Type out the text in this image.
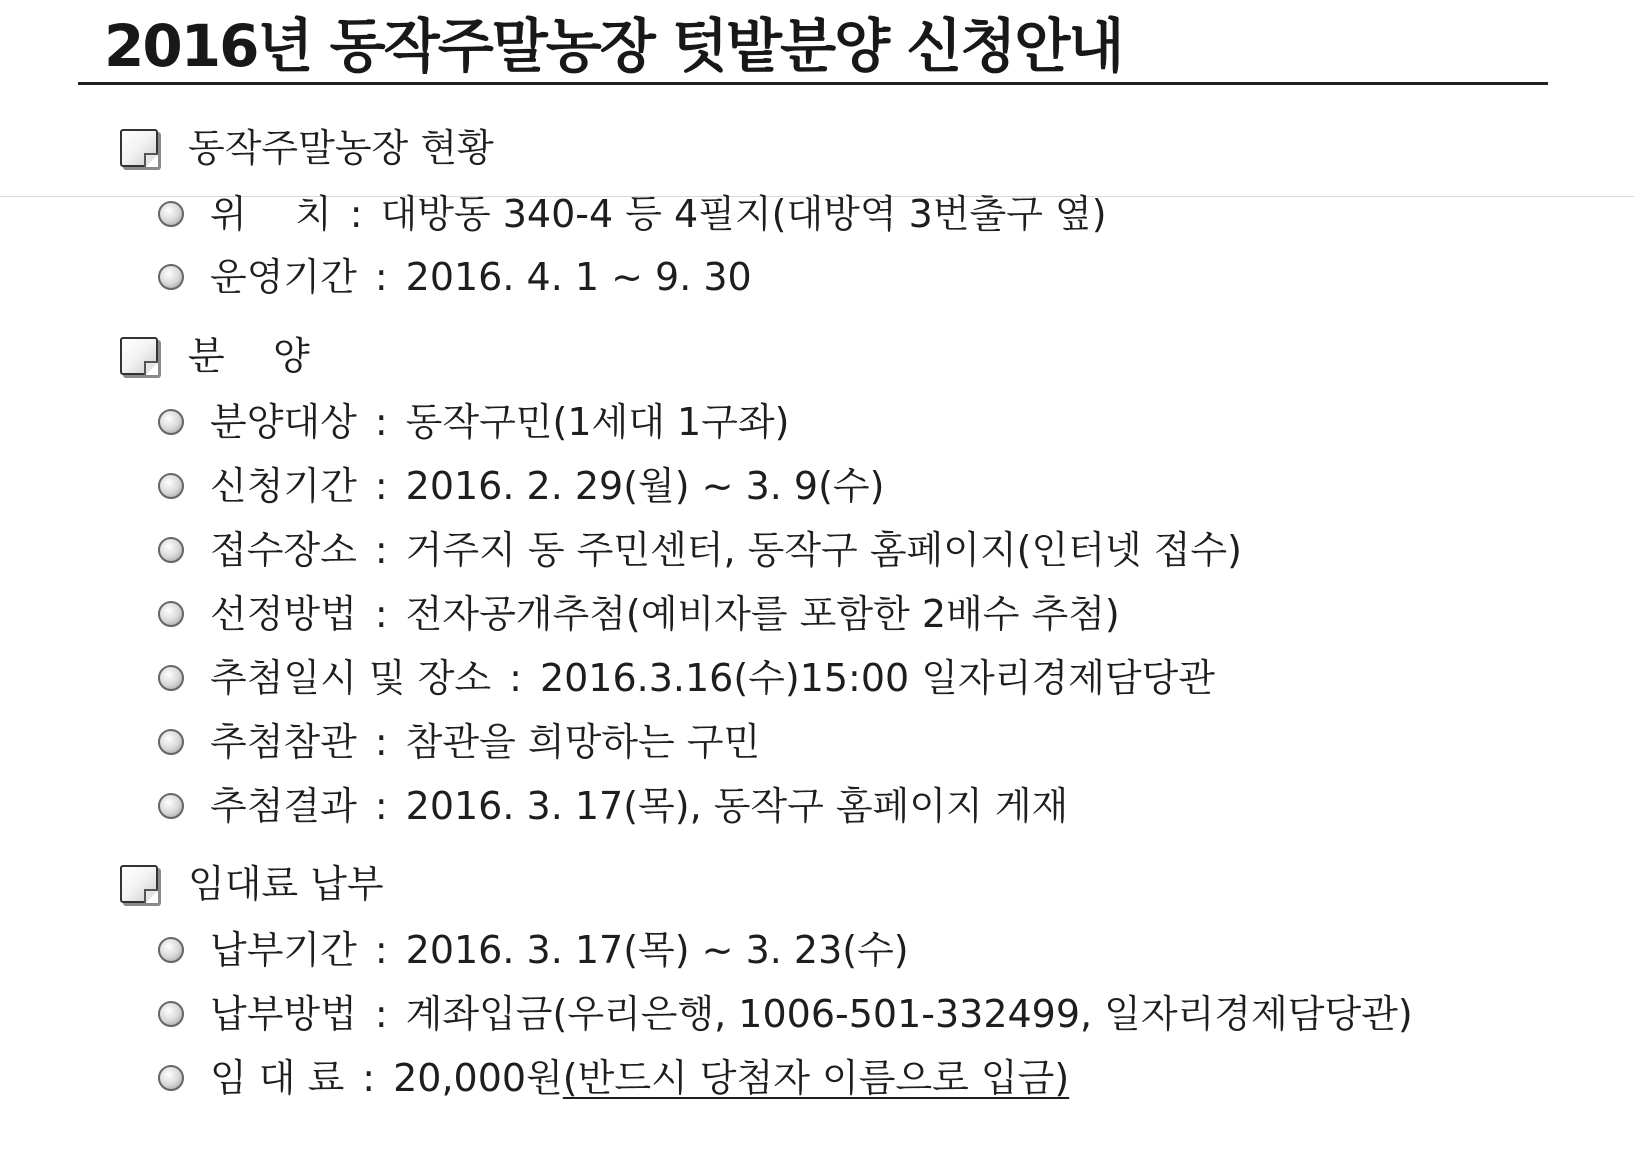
2016년 동작주말농장 텃밭분양 신청안내
동작주말농장 현황
위    치 : 대방동 340-4 등 4필지(대방역 3번출구 옆)
운영기간 : 2016. 4. 1 ~ 9. 30
분    양
분양대상 : 동작구민(1세대 1구좌)
신청기간 : 2016. 2. 29(월) ~ 3. 9(수)
접수장소 : 거주지 동 주민센터, 동작구 홈페이지(인터넷 접수)
선정방법 : 전자공개추첨(예비자를 포함한 2배수 추첨)
추첨일시 및 장소 : 2016.3.16(수)15:00 일자리경제담당관
추첨참관 : 참관을 희망하는 구민
추첨결과 : 2016. 3. 17(목), 동작구 홈페이지 게재
임대료 납부
납부기간 : 2016. 3. 17(목) ~ 3. 23(수)
납부방법 : 계좌입금(우리은행, 1006-501-332499, 일자리경제담당관)
임 대 료 : 20,000원 (반드시 당첨자 이름으로 입금)
